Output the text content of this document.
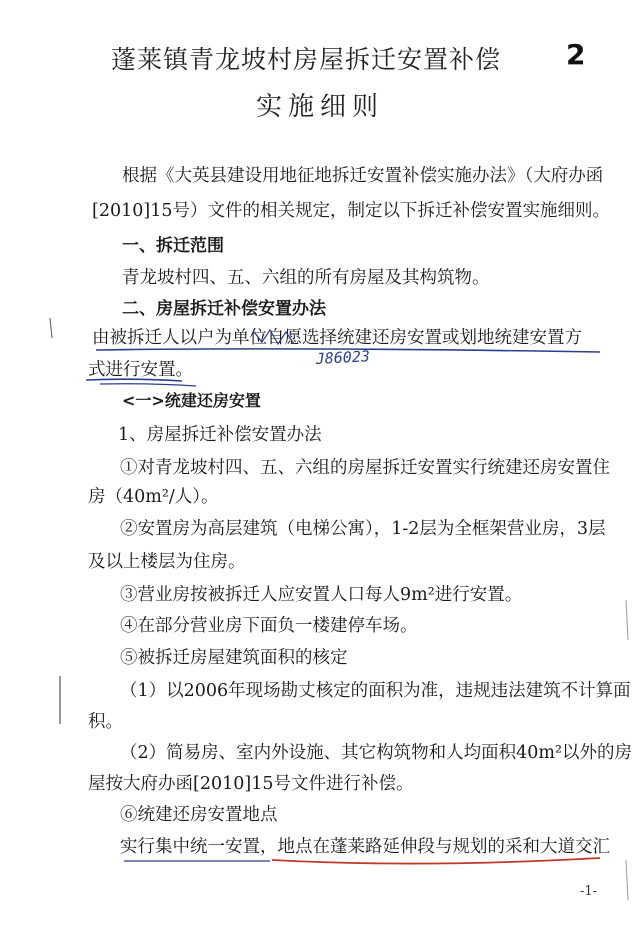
蓬莱镇青龙坡村房屋拆迁安置补偿
实施细则
2
根据《大英县建设用地征地拆迁安置补偿实施办法》（大府办函
[2010]15号）文件的相关规定，制定以下拆迁补偿安置实施细则。
一、拆迁范围
青龙坡村四、五、六组的所有房屋及其构筑物。
二、房屋拆迁补偿安置办法
由被拆迁人以户为单位自愿选择统建还房安置或划地统建安置方
式进行安置。
<一>统建还房安置
1、房屋拆迁补偿安置办法
①对青龙坡村四、五、六组的房屋拆迁安置实行统建还房安置住
房（40m²/人）。
②安置房为高层建筑（电梯公寓），1-2层为全框架营业房，3层
及以上楼层为住房。
③营业房按被拆迁人应安置人口每人9m²进行安置。
④在部分营业房下面负一楼建停车场。
⑤被拆迁房屋建筑面积的核定
（1）以2006年现场勘丈核定的面积为准，违规违法建筑不计算面
积。
（2）简易房、室内外设施、其它构筑物和人均面积40m²以外的房
屋按大府办函[2010]15号文件进行补偿。
⑥统建还房安置地点
实行集中统一安置，地点在蓬莱路延伸段与规划的采和大道交汇
-1-
J86023
